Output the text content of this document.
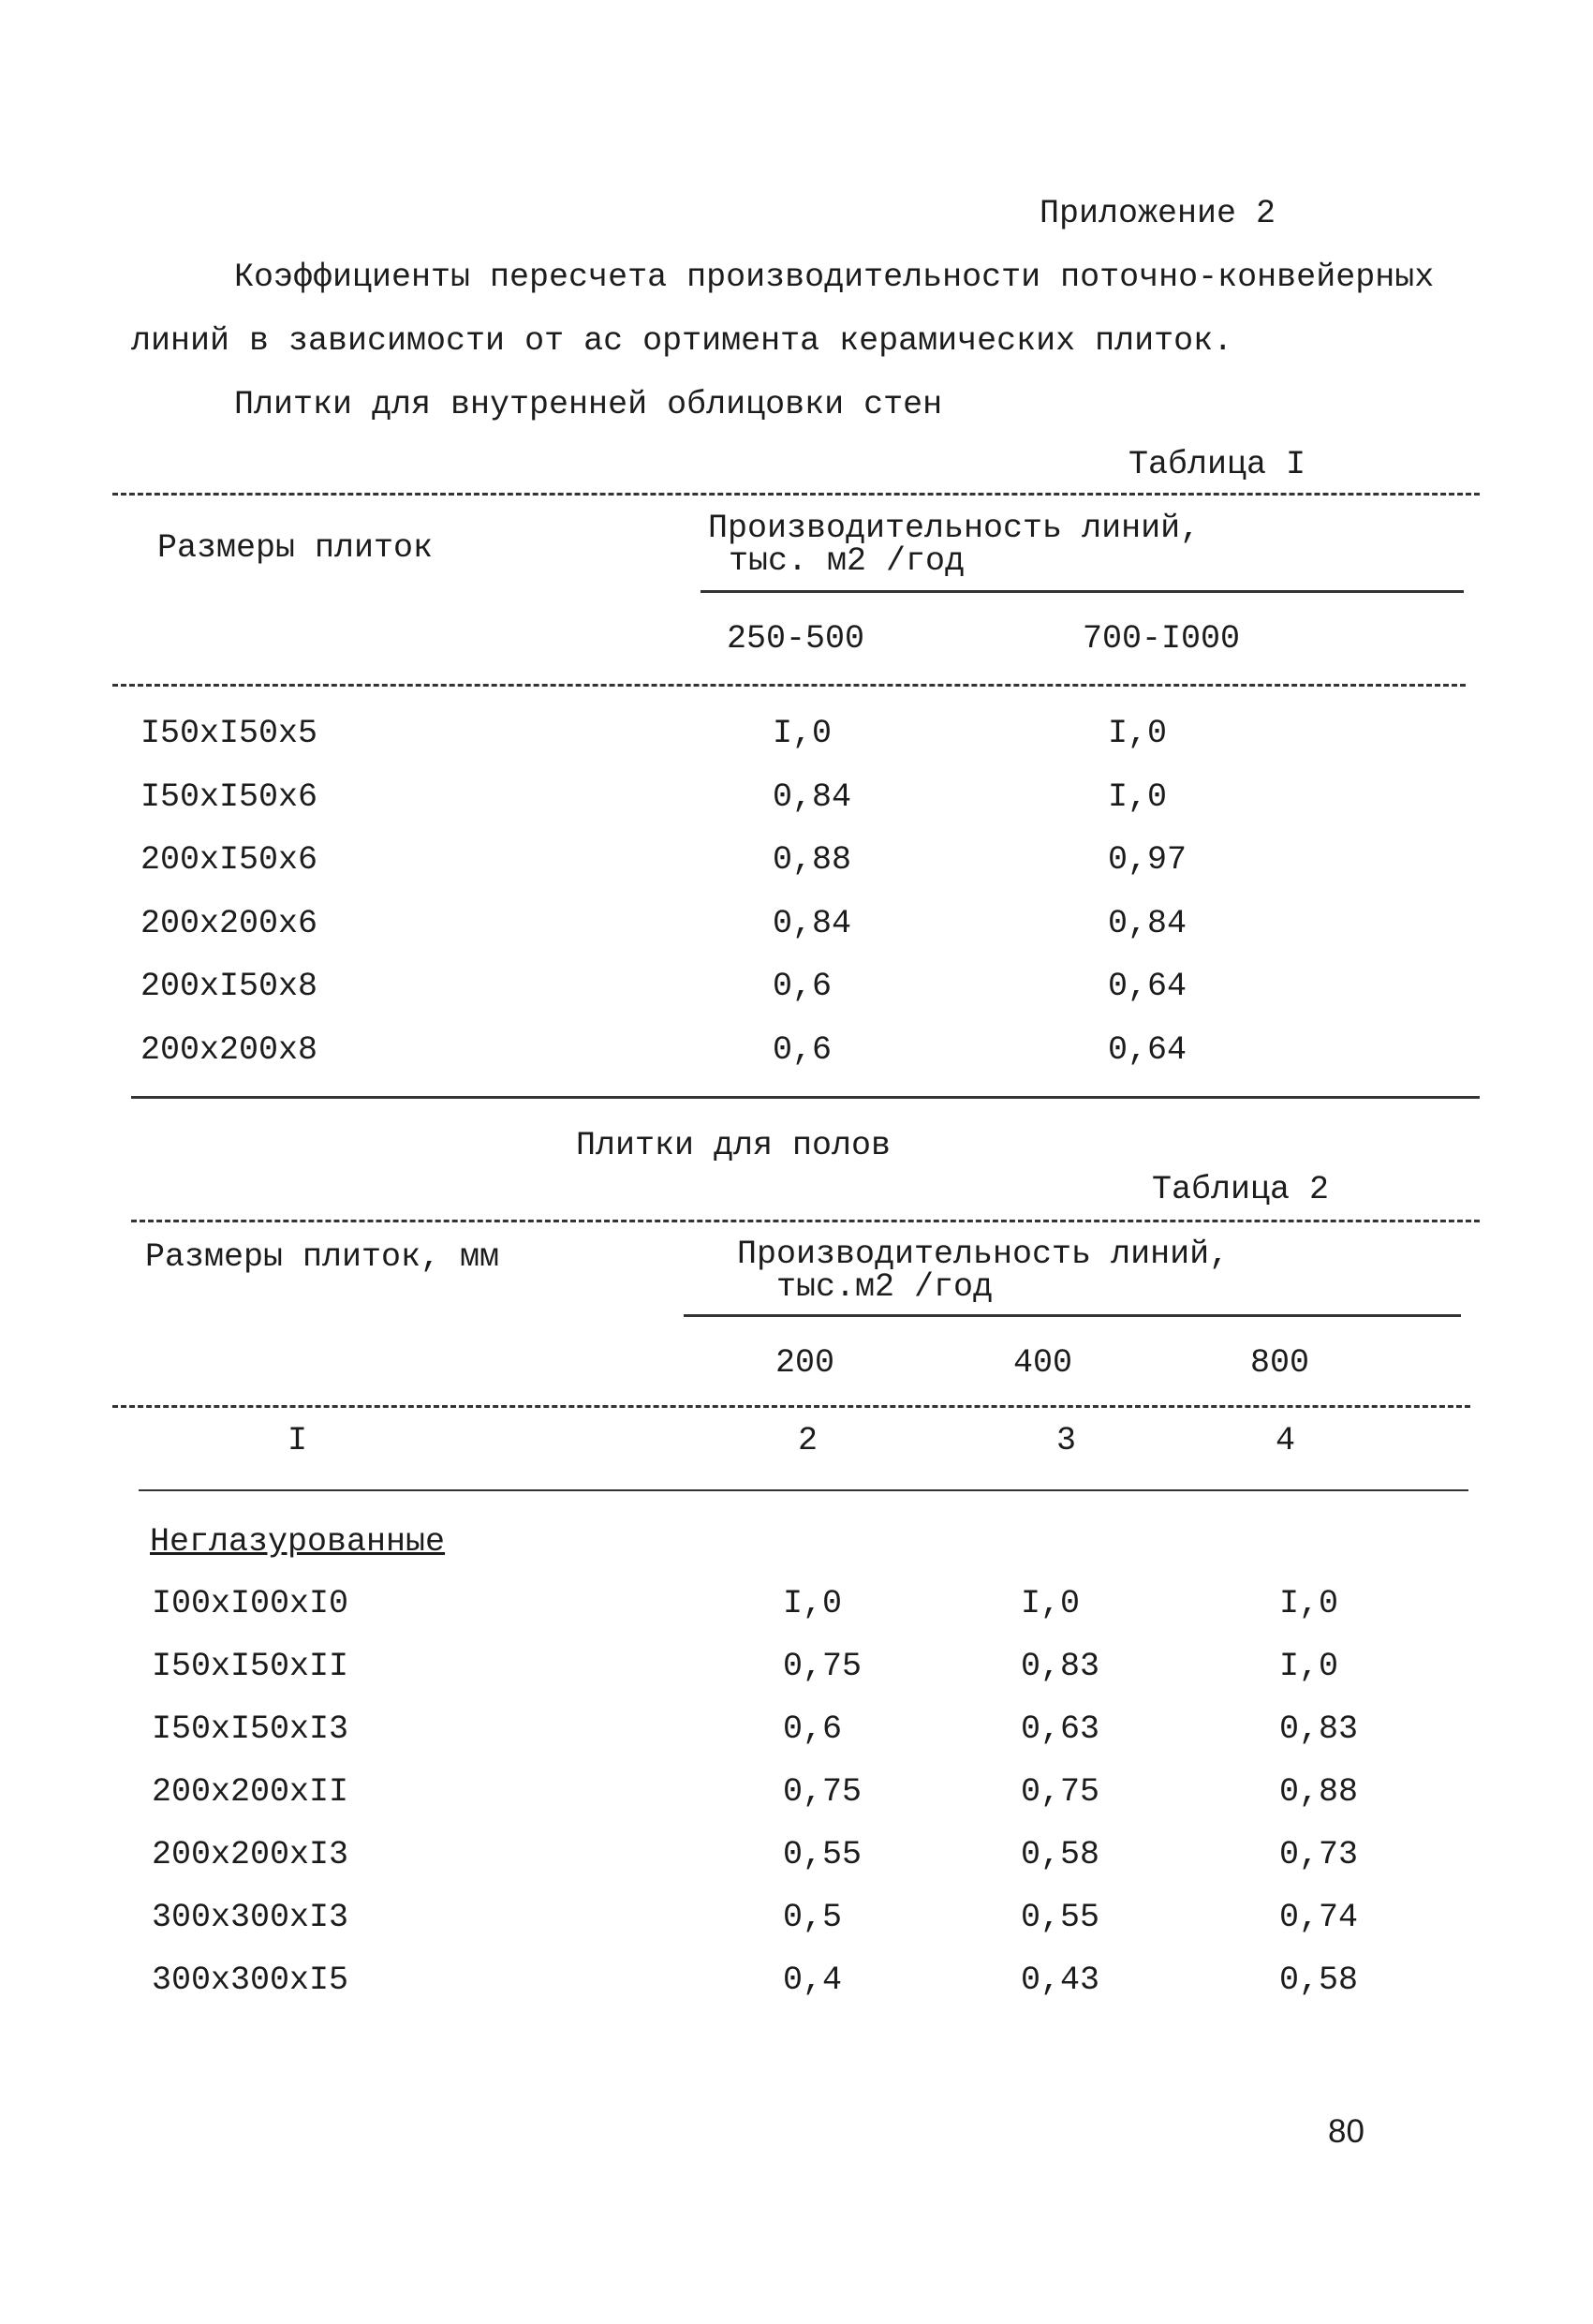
Приложение 2
Коэффициенты пересчета производительности поточно-конвейерных
линий в зависимости от ас ортимента керамических плиток.
Плитки для внутренней облицовки стен
Таблица I
Размеры плиток
Производительность линий,
тыс. м2 /год
250-500	700-I000
I50xI50x5	I,0	I,0
I50xI50x6	0,84	I,0
200xI50x6	0,88	0,97
200x200x6	0,84	0,84
200xI50x8	0,6	0,64
200x200x8	0,6	0,64
Плитки для полов
Таблица 2
Размеры плиток, мм	Производительность линий,
тыс.м2 /год
200	400	800
I	2	3	4
Неглазурованные
I00xI00xI0	I,0	I,0	I,0
I50xI50xII	0,75	0,83	I,0
I50xI50xI3	0,6	0,63	0,83
200x200xII	0,75	0,75	0,88
200x200xI3	0,55	0,58	0,73
300x300xI3	0,5	0,55	0,74
300x300xI5	0,4	0,43	0,58
80
